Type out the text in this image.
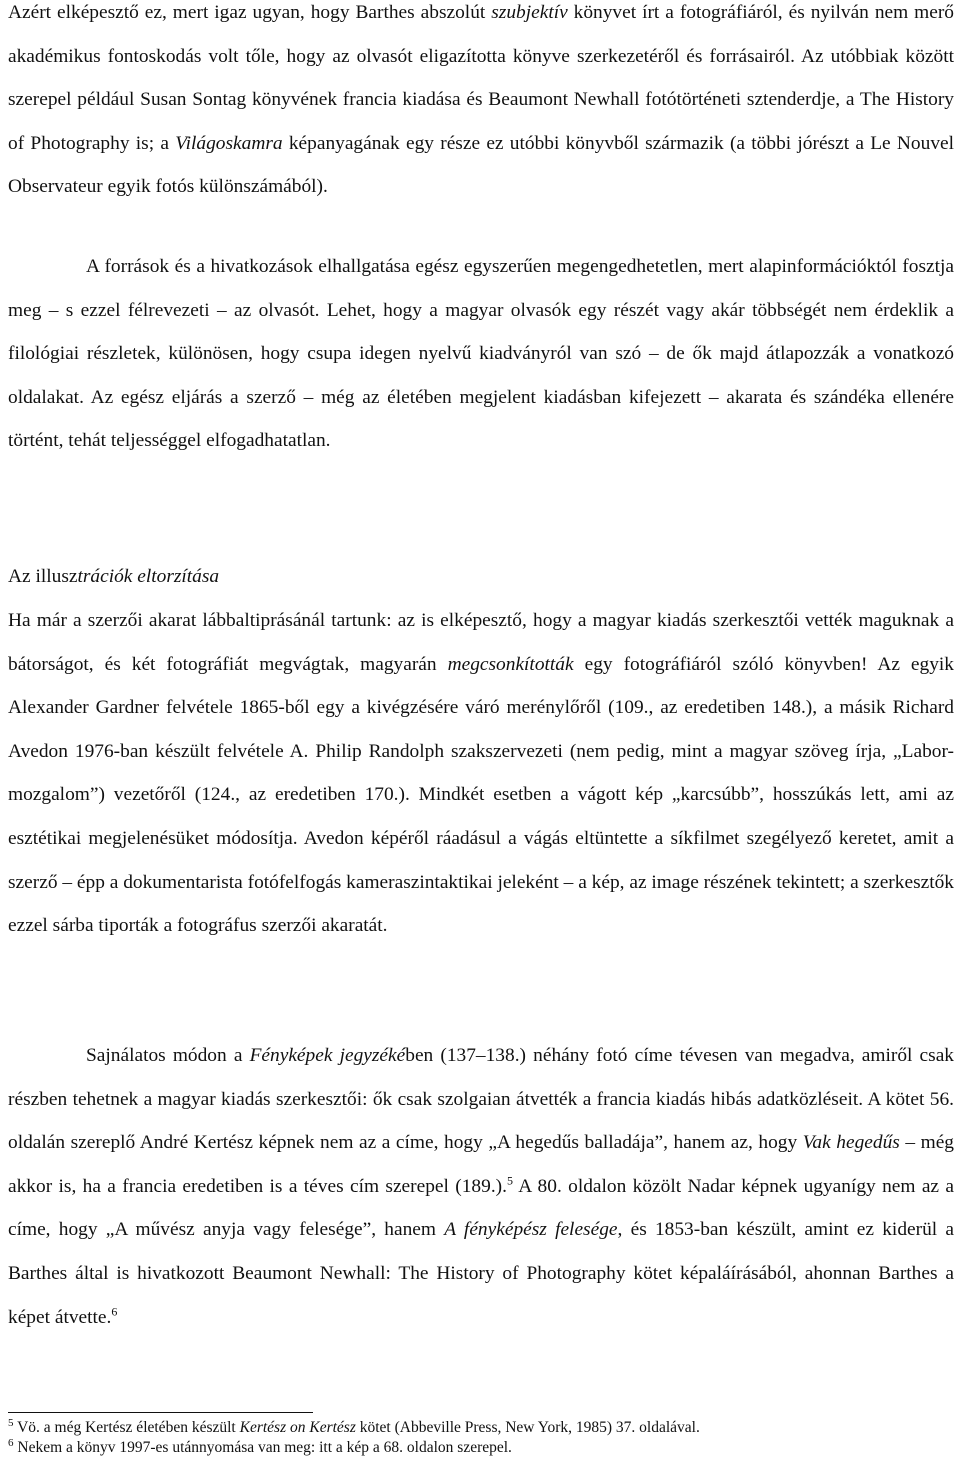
Azért elképesztő ez, mert igaz ugyan, hogy Barthes abszolút szubjektív könyvet írt a fotográfiáról, és nyilván nem merő akadémikus fontoskodás volt tőle, hogy az olvasót eligazította könyve szerkezetéről és forrásairól. Az utóbbiak között szerepel például Susan Sontag könyvének francia kiadása és Beaumont Newhall fotótörténeti sztenderdje, a The History of Photography is; a Világoskamra képanyagának egy része ez utóbbi könyvből származik (a többi jórészt a Le Nouvel Observateur egyik fotós különszámából).

A források és a hivatkozások elhallgatása egész egyszerűen megengedhetetlen, mert alapinformációktól fosztja meg – s ezzel félrevezeti – az olvasót. Lehet, hogy a magyar olvasók egy részét vagy akár többségét nem érdeklik a filológiai részletek, különösen, hogy csupa idegen nyelvű kiadványról van szó – de ők majd átlapozzák a vonatkozó oldalakat. Az egész eljárás a szerző – még az életében megjelent kiadásban kifejezett – akarata és szándéka ellenére történt, tehát teljességgel elfogadhatatlan.

Az illusztrációk eltorzítása

Ha már a szerzői akarat lábbaltiprásánál tartunk: az is elképesztő, hogy a magyar kiadás szerkesztői vették maguknak a bátorságot, és két fotográfiát megvágtak, magyarán megcsonkították egy fotográfiáról szóló könyvben! Az egyik Alexander Gardner felvétele 1865-ből egy a kivégzésére váró merénylőről (109., az eredetiben 148.), a másik Richard Avedon 1976-ban készült felvétele A. Philip Randolph szakszervezeti (nem pedig, mint a magyar szöveg írja, „Labor-mozgalom”) vezetőről (124., az eredetiben 170.). Mindkét esetben a vágott kép „karcsúbb”, hosszúkás lett, ami az esztétikai megjelenésüket módosítja. Avedon képéről ráadásul a vágás eltüntette a síkfilmet szegélyező keretet, amit a szerző – épp a dokumentarista fotófelfogás kameraszintaktikai jeleként – a kép, az image részének tekintett; a szerkesztők ezzel sárba tiporták a fotográfus szerzői akaratát.

Sajnálatos módon a Fényképek jegyzékében (137–138.) néhány fotó címe tévesen van megadva, amiről csak részben tehetnek a magyar kiadás szerkesztői: ők csak szolgaian átvették a francia kiadás hibás adatközléseit. A kötet 56. oldalán szereplő André Kertész képnek nem az a címe, hogy „A hegedűs balladája”, hanem az, hogy Vak hegedűs – még akkor is, ha a francia eredetiben is a téves cím szerepel (189.).$^5$ A 80. oldalon közölt Nadar képnek ugyanígy nem az a címe, hogy „A művész anyja vagy felesége”, hanem A fényképész felesége, és 1853-ban készült, amint ez kiderül a Barthes által is hivatkozott Beaumont Newhall: The History of Photography kötet képaláírásából, ahonnan Barthes a képet átvette.$^6$

$^5$ Vö. a még Kertész életében készült Kertész on Kertész kötet (Abbeville Press, New York, 1985) 37. oldalával.

$^6$ Nekem a könyv 1997-es utánnyomása van meg: itt a kép a 68. oldalon szerepel.
